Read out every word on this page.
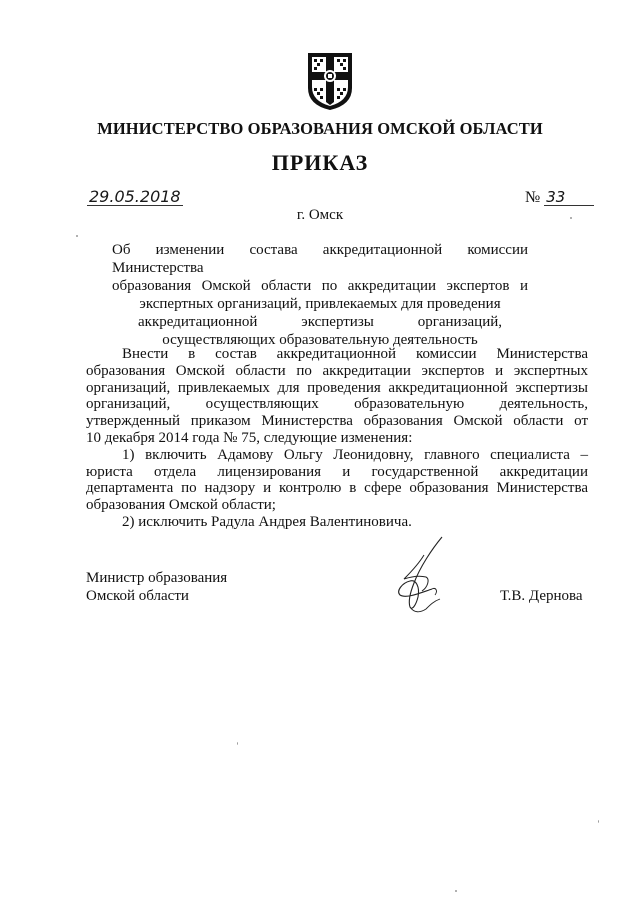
МИНИСТЕРСТВО ОБРАЗОВАНИЯ ОМСКОЙ ОБЛАСТИ
ПРИКАЗ
29.05.2018	№ 33
г. Омск
Об изменении состава аккредитационной комиссии Министерства
образования Омской области по аккредитации экспертов и
экспертных организаций, привлекаемых для проведения
аккредитационной экспертизы организаций,
осуществляющих образовательную деятельность
Внести в состав аккредитационной комиссии Министерства
образования Омской области по аккредитации экспертов и экспертных
организаций, привлекаемых для проведения аккредитационной экспертизы
организаций, осуществляющих образовательную деятельность,
утвержденный приказом Министерства образования Омской области от
10 декабря 2014 года № 75, следующие изменения:
1) включить Адамову Ольгу Леонидовну, главного специалиста –
юриста отдела лицензирования и государственной аккредитации
департамента по надзору и контролю в сфере образования Министерства
образования Омской области;
2) исключить Радула Андрея Валентиновича.
Министр образования
Омской области	Т.В. Дернова
